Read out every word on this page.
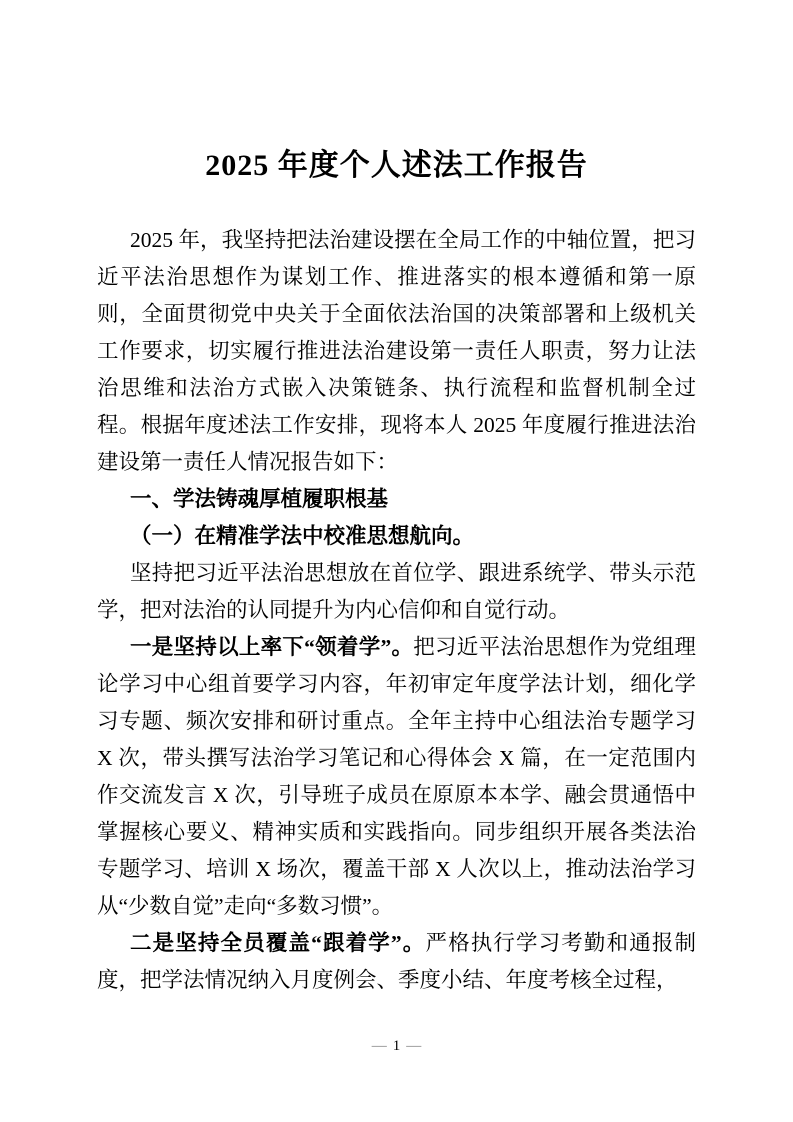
2025 年度个人述法工作报告

2025 年，我坚持把法治建设摆在全局工作的中轴位置，把习近平法治思想作为谋划工作、推进落实的根本遵循和第一原则，全面贯彻党中央关于全面依法治国的决策部署和上级机关工作要求，切实履行推进法治建设第一责任人职责，努力让法治思维和法治方式嵌入决策链条、执行流程和监督机制全过程。根据年度述法工作安排，现将本人 2025 年度履行推进法治建设第一责任人情况报告如下：

一、学法铸魂厚植履职根基

（一）在精准学法中校准思想航向。

坚持把习近平法治思想放在首位学、跟进系统学、带头示范学，把对法治的认同提升为内心信仰和自觉行动。

一是坚持以上率下“领着学”。把习近平法治思想作为党组理论学习中心组首要学习内容，年初审定年度学法计划，细化学习专题、频次安排和研讨重点。全年主持中心组法治专题学习 X 次，带头撰写法治学习笔记和心得体会 X 篇，在一定范围内作交流发言 X 次，引导班子成员在原原本本学、融会贯通悟中掌握核心要义、精神实质和实践指向。同步组织开展各类法治专题学习、培训 X 场次，覆盖干部 X 人次以上，推动法治学习从“少数自觉”走向“多数习惯”。

二是坚持全员覆盖“跟着学”。严格执行学习考勤和通报制度，把学法情况纳入月度例会、季度小结、年度考核全过程，

— 1 —
